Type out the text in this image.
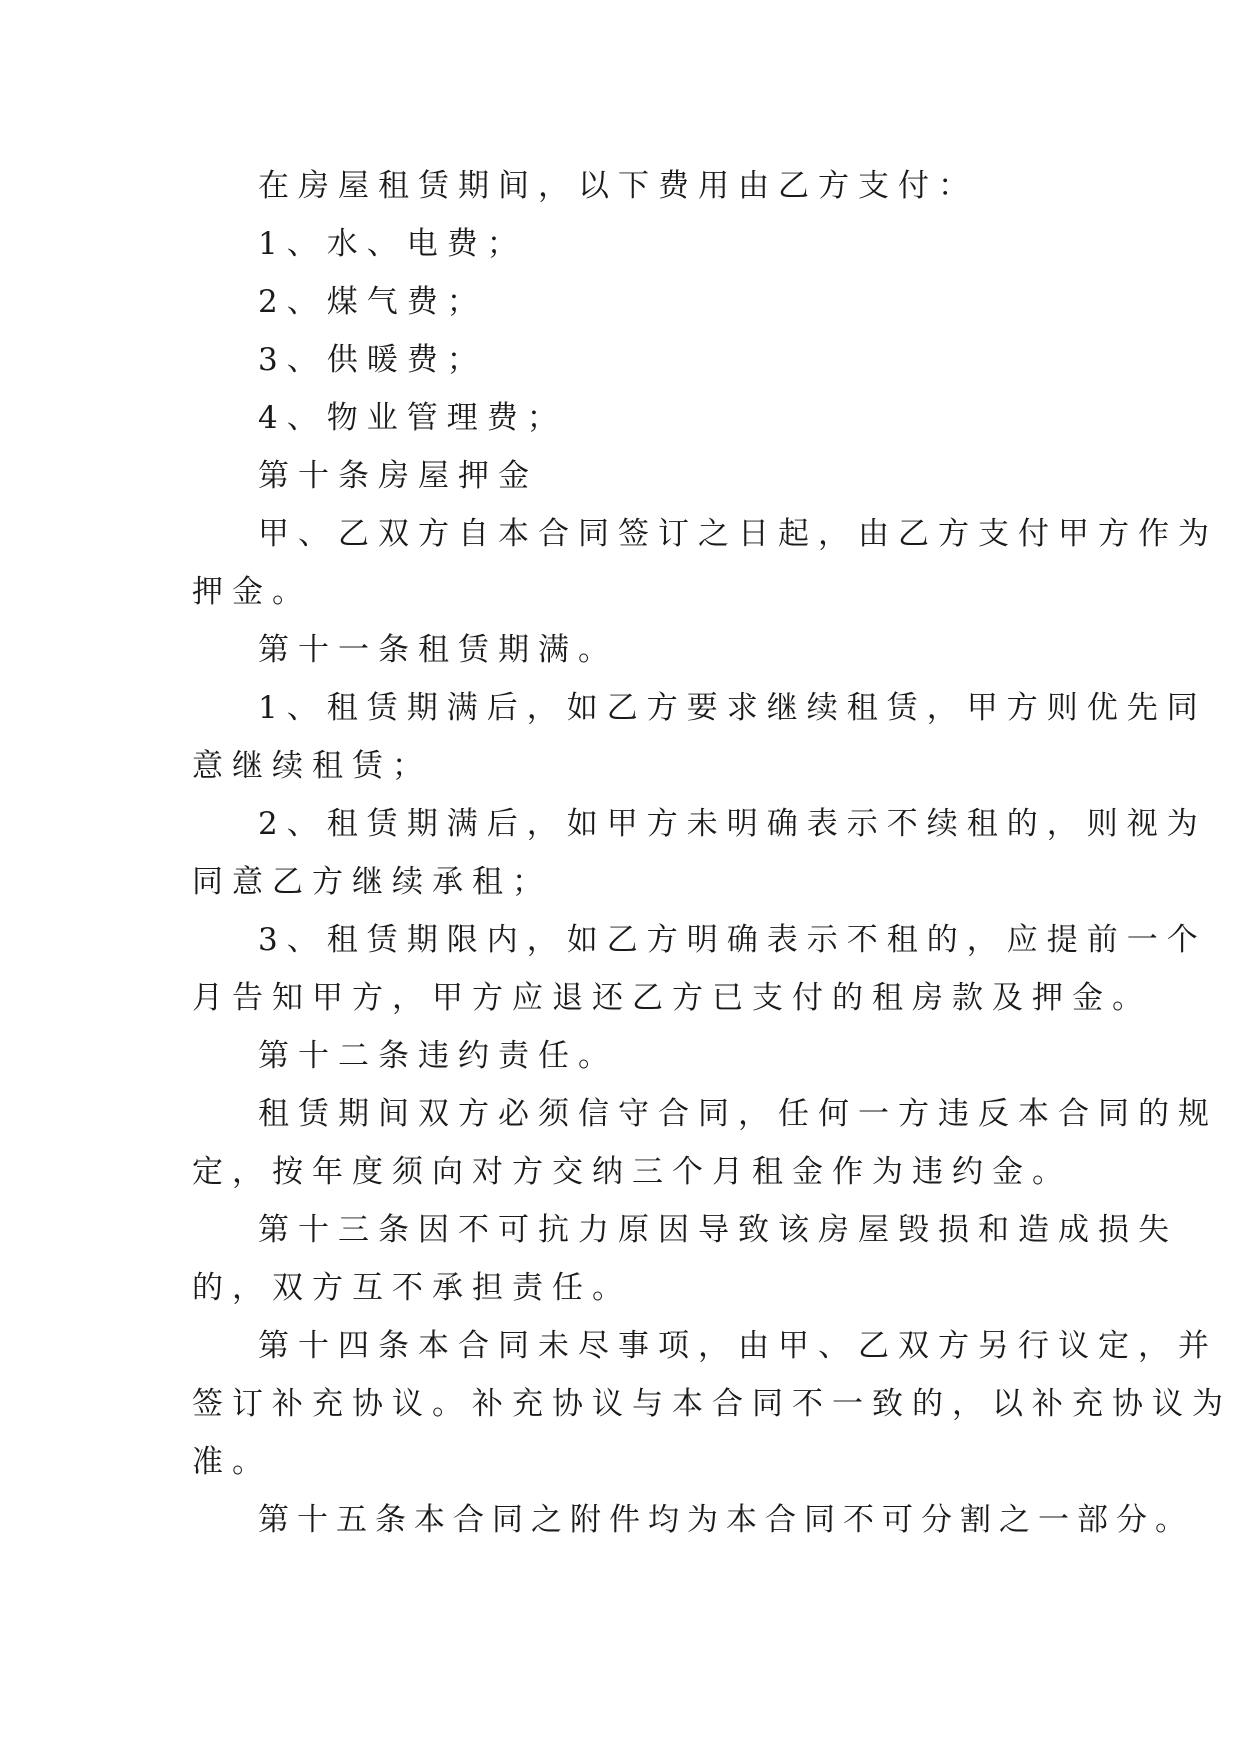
在房屋租赁期间，以下费用由乙方支付：

1、水、电费；

2、煤气费；

3、供暖费；

4、物业管理费；

第十条房屋押金

甲、乙双方自本合同签订之日起，由乙方支付甲方作为

押金。

第十一条租赁期满。

1、租赁期满后，如乙方要求继续租赁，甲方则优先同

意继续租赁；

2、租赁期满后，如甲方未明确表示不续租的，则视为

同意乙方继续承租；

3、租赁期限内，如乙方明确表示不租的，应提前一个

月告知甲方，甲方应退还乙方已支付的租房款及押金。

第十二条违约责任。

租赁期间双方必须信守合同，任何一方违反本合同的规

定，按年度须向对方交纳三个月租金作为违约金。

第十三条因不可抗力原因导致该房屋毁损和造成损失

的，双方互不承担责任。

第十四条本合同未尽事项，由甲、乙双方另行议定，并

签订补充协议。补充协议与本合同不一致的，以补充协议为

准。

第十五条本合同之附件均为本合同不可分割之一部分。
